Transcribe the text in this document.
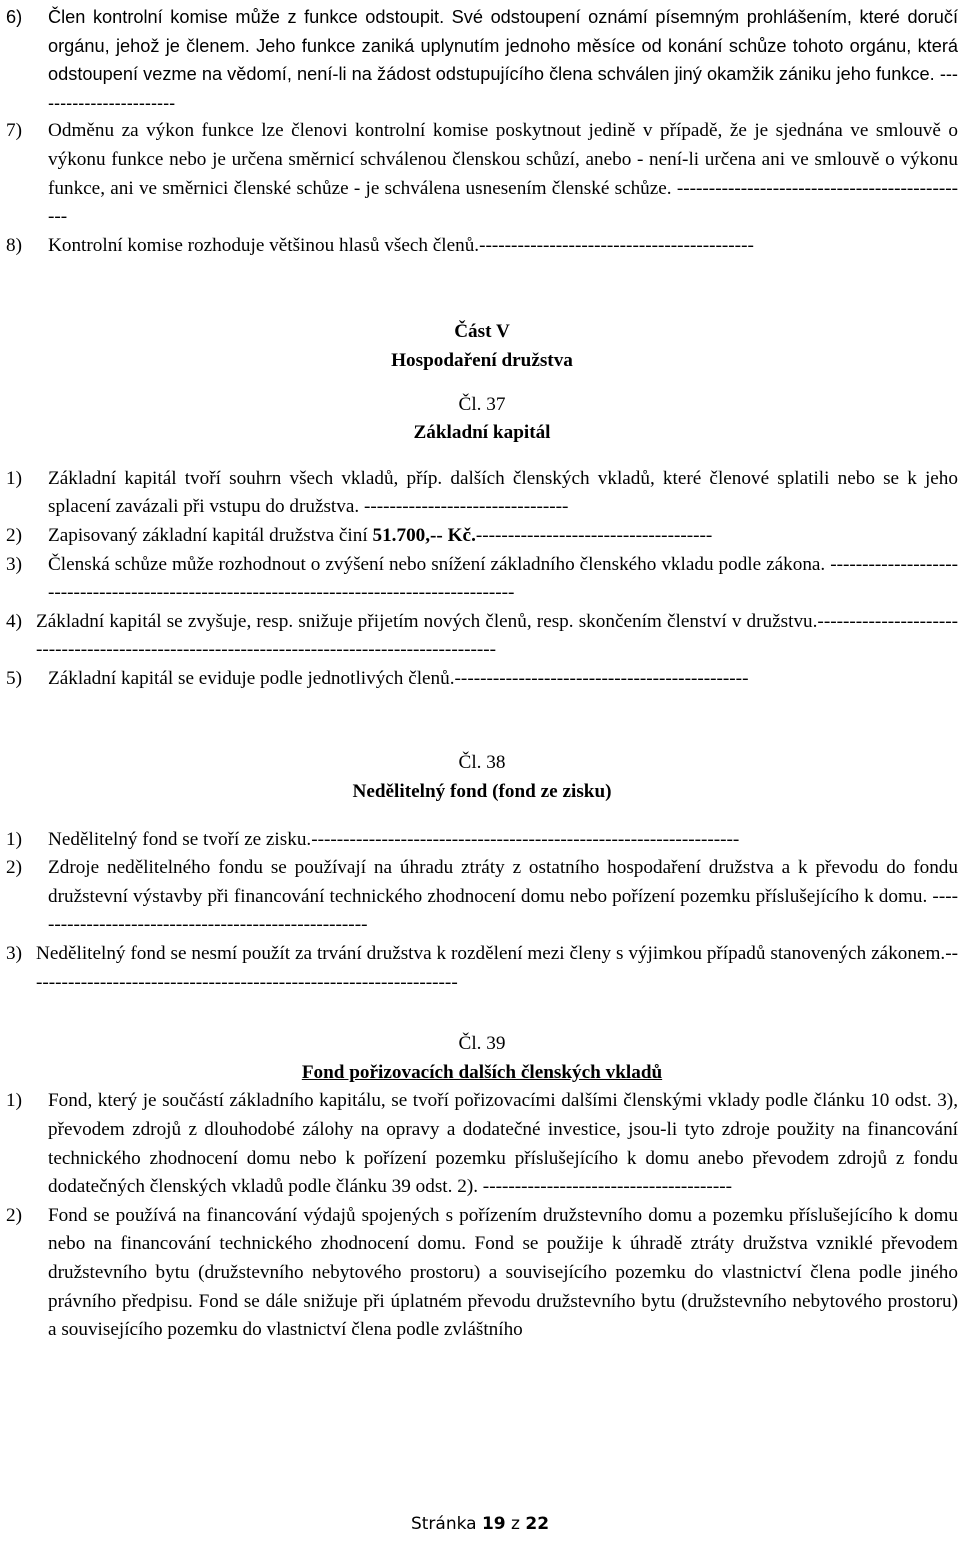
6) Člen kontrolní komise může z funkce odstoupit. Své odstoupení oznámí písemným prohlášením, které doručí orgánu, jehož je členem. Jeho funkce zaniká uplynutím jednoho měsíce od konání schůze tohoto orgánu, která odstoupení vezme na vědomí, není-li na žádost odstupujícího člena schválen jiný okamžik zániku jeho funkce. ------------------------
7) Odměnu za výkon funkce lze členovi kontrolní komise poskytnout jedině v případě, že je sjednána ve smlouvě o výkonu funkce nebo je určena směrnicí schválenou členskou schůzí, anebo - není-li určena ani ve smlouvě o výkonu funkce, ani ve směrnici členské schůze - je schválena usnesením členské schůze. -----------------------------------------------
8) Kontrolní komise rozhoduje většinou hlasů všech členů.-------------------------------------------
Část V
Hospodaření družstva
Čl. 37
Základní kapitál
1) Základní kapitál tvoří souhrn všech vkladů, příp. dalších členských vkladů, které členové splatili nebo se k jeho splacení zavázali při vstupu do družstva. --------------------------------
2) Zapisovaný základní kapitál družstva činí 51.700,-- Kč.-------------------------------------
3) Členská schůze může rozhodnout o zvýšení nebo snížení základního členského vkladu podle zákona. ---------------------------------------------------------------------------------------------
4) Základní kapitál se zvyšuje, resp. snižuje přijetím nových členů, resp. skončením členství v družstvu.----------------------------------------------------------------------------------------------
5) Základní kapitál se eviduje podle jednotlivých členů.----------------------------------------------
Čl. 38
Nedělitelný fond (fond ze zisku)
1) Nedělitelný fond se tvoří ze zisku.-------------------------------------------------------------------
2) Zdroje nedělitelného fondu se používají na úhradu ztráty z ostatního hospodaření družstva a k převodu do fondu družstevní výstavby při financování technického zhodnocení domu nebo pořízení pozemku příslušejícího k domu. ------------------------------------------------------
3) Nedělitelný fond se nesmí použít za trvání družstva k rozdělení mezi členy s výjimkou případů stanovených zákonem.--------------------------------------------------------------------
Čl. 39
Fond pořizovacích dalších členských vkladů
1) Fond, který je součástí základního kapitálu, se tvoří pořizovacími dalšími členskými vklady podle článku 10 odst. 3), převodem zdrojů z dlouhodobé zálohy na opravy a dodatečné investice, jsou-li tyto zdroje použity na financování technického zhodnocení domu nebo k pořízení pozemku příslušejícího k domu anebo převodem zdrojů z fondu dodatečných členských vkladů podle článku 39 odst. 2). ---------------------------------------
2) Fond se používá na financování výdajů spojených s pořízením družstevního domu a pozemku příslušejícího k domu nebo na financování technického zhodnocení domu. Fond se použije k úhradě ztráty družstva vzniklé převodem družstevního bytu (družstevního nebytového prostoru) a souvisejícího pozemku do vlastnictví člena podle jiného právního předpisu. Fond se dále snižuje při úplatném převodu družstevního bytu (družstevního nebytového prostoru) a souvisejícího pozemku do vlastnictví člena podle zvláštního
Stránka 19 z 22
